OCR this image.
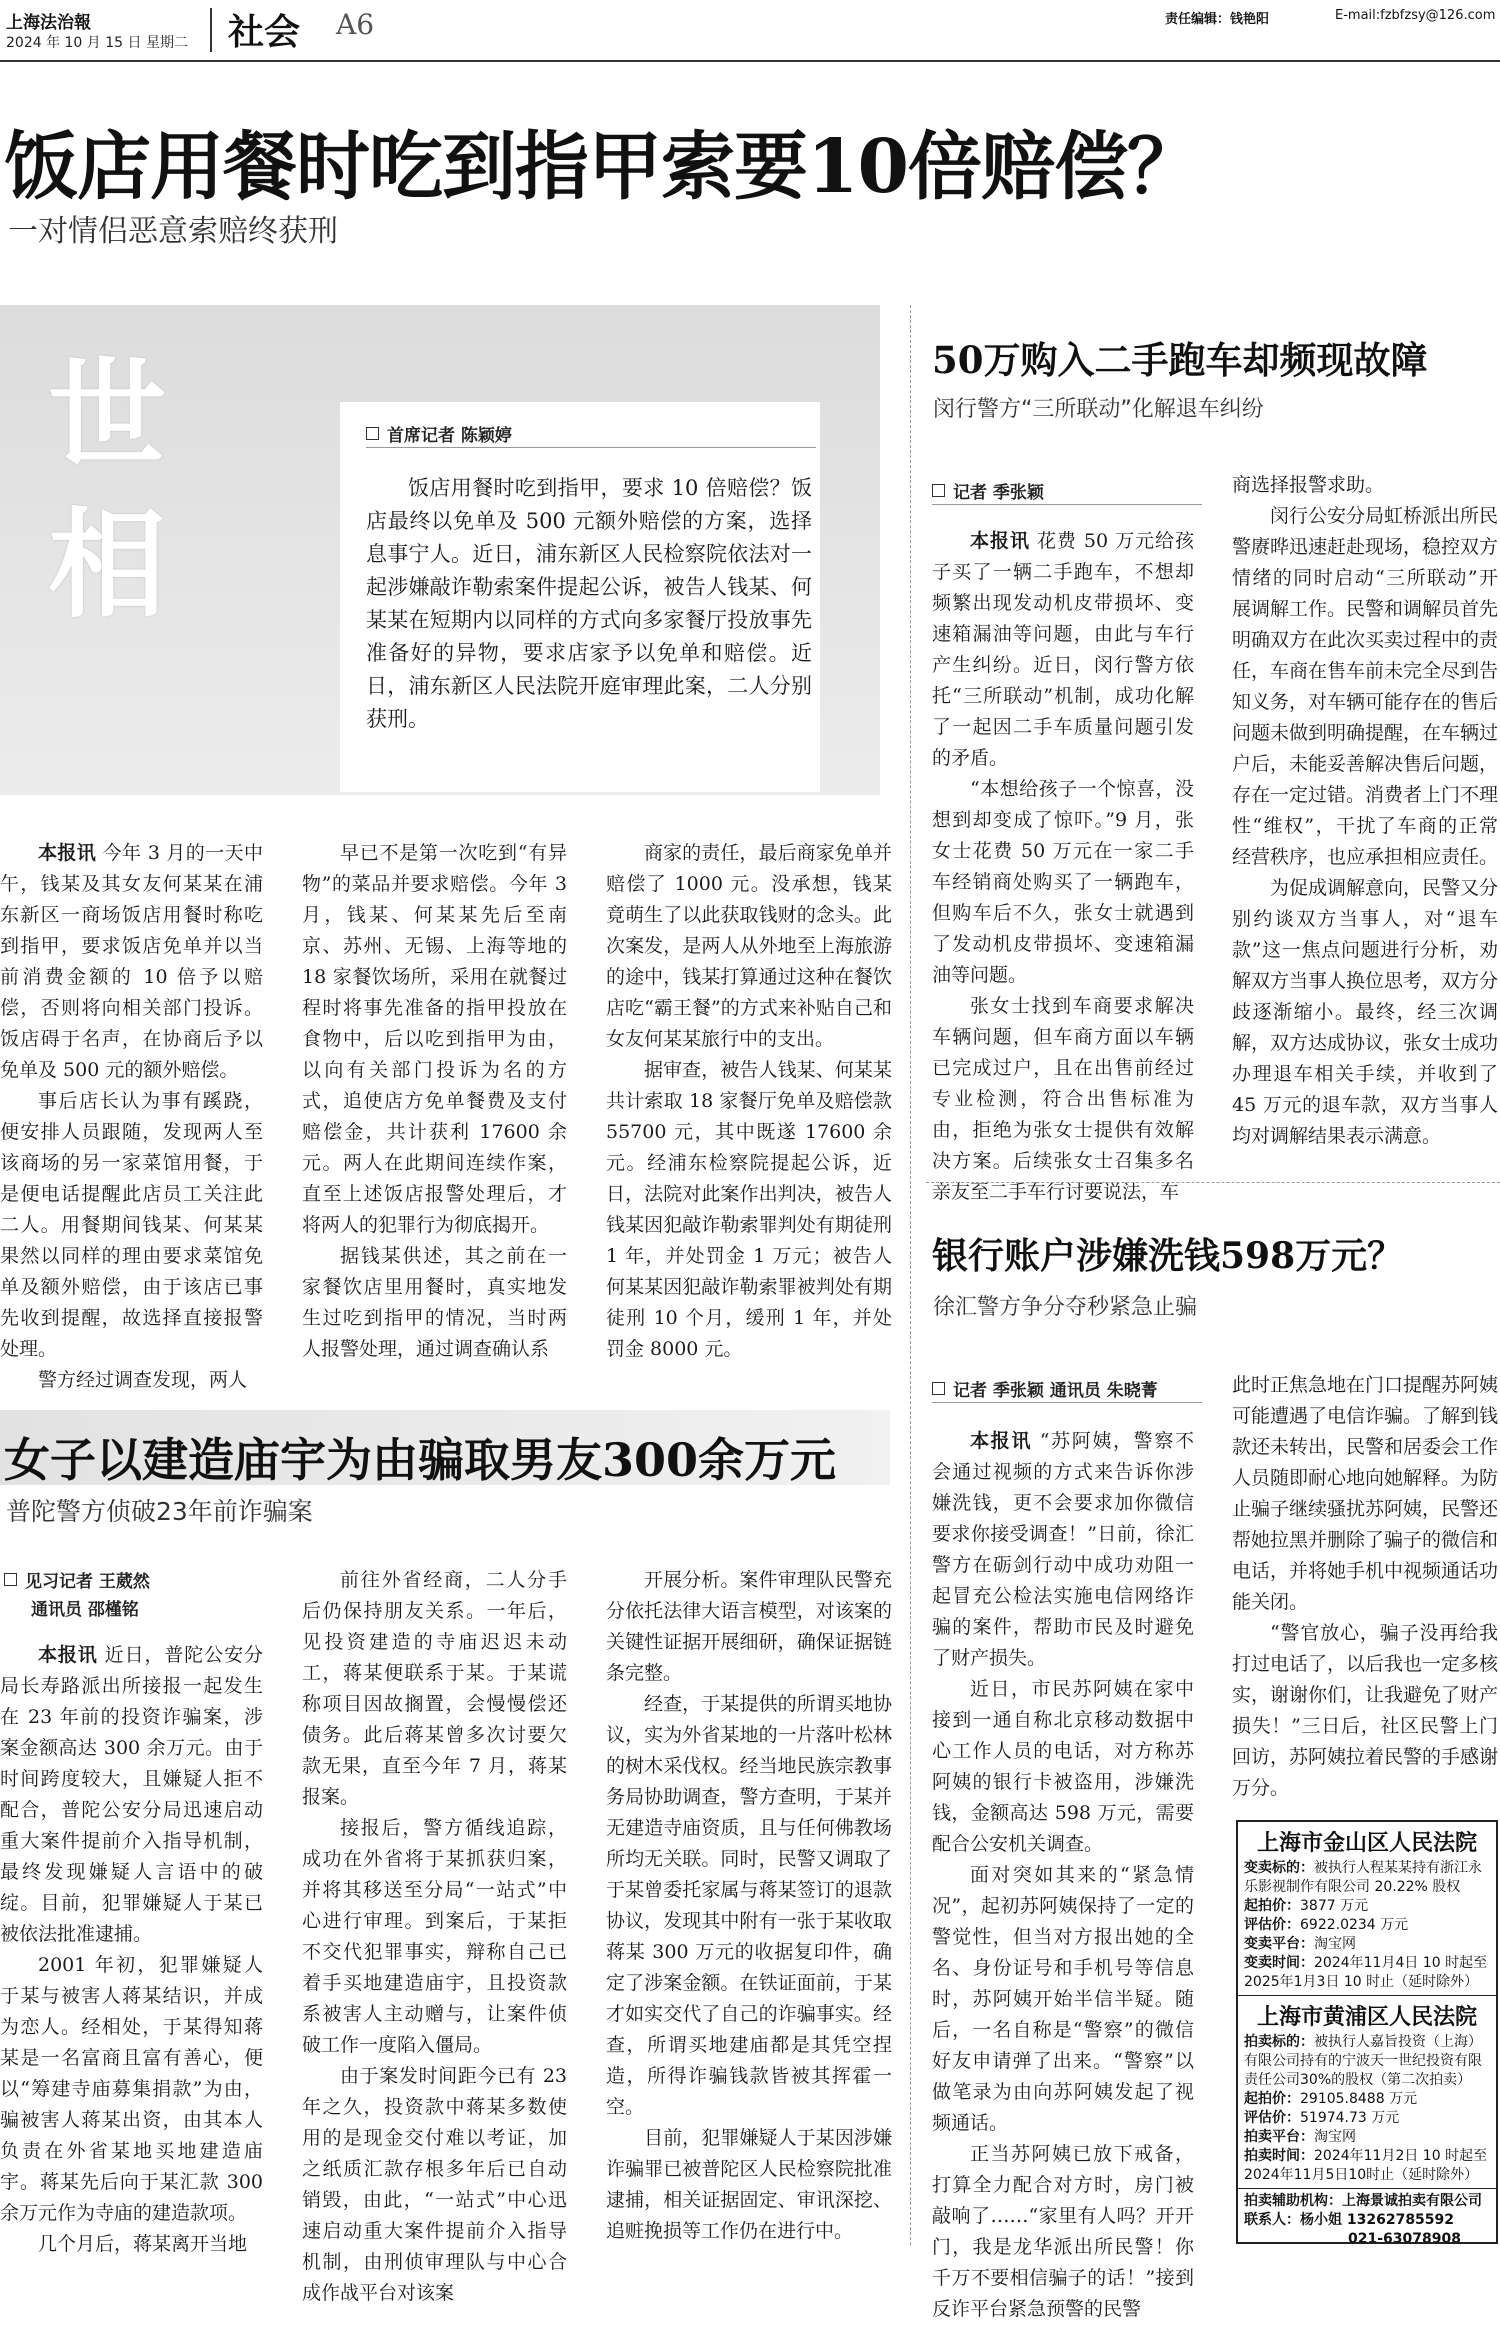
上海法治報
2024 年 10 月 15 日 星期二 社会 A6	责任编辑：钱艳阳	E-mail:fzbfzsy@126.com
饭店用餐时吃到指甲索要10倍赔偿？
一对情侣恶意索赔终获刑
世
相
首席记者 陈颖婷

饭店用餐时吃到指甲，要求 10 倍赔偿？饭店最终以免单及 500 元额外赔偿的方案，选择息事宁人。近日，浦东新区人民检察院依法对一起涉嫌敲诈勒索案件提起公诉，被告人钱某、何某某在短期内以同样的方式向多家餐厅投放事先准备好的异物，要求店家予以免单和赔偿。近日，浦东新区人民法院开庭审理此案，二人分别获刑。

本报讯 今年 3 月的一天中午，钱某及其女友何某某在浦东新区一商场饭店用餐时称吃到指甲，要求饭店免单并以当前消费金额的 10 倍予以赔偿，否则将向相关部门投诉。饭店碍于名声，在协商后予以免单及 500 元的额外赔偿。

事后店长认为事有蹊跷，便安排人员跟随，发现两人至该商场的另一家菜馆用餐，于是便电话提醒此店员工关注此二人。用餐期间钱某、何某某果然以同样的理由要求菜馆免单及额外赔偿，由于该店已事先收到提醒，故选择直接报警处理。

警方经过调查发现，两人

早已不是第一次吃到“有异物”的菜品并要求赔偿。今年 3 月，钱某、何某某先后至南京、苏州、无锡、上海等地的 18 家餐饮场所，采用在就餐过程时将事先准备的指甲投放在食物中，后以吃到指甲为由，以向有关部门投诉为名的方式，追使店方免单餐费及支付赔偿金，共计获利 17600 余元。两人在此期间连续作案，直至上述饭店报警处理后，才将两人的犯罪行为彻底揭开。

据钱某供述，其之前在一家餐饮店里用餐时，真实地发生过吃到指甲的情况，当时两人报警处理，通过调查确认系

商家的责任，最后商家免单并赔偿了 1000 元。没承想，钱某竟萌生了以此获取钱财的念头。此次案发，是两人从外地至上海旅游的途中，钱某打算通过这种在餐饮店吃“霸王餐”的方式来补贴自己和女友何某某旅行中的支出。

据审查，被告人钱某、何某某共计索取 18 家餐厅免单及赔偿款 55700 元，其中既遂 17600 余元。经浦东检察院提起公诉，近日，法院对此案作出判决，被告人钱某因犯敲诈勒索罪判处有期徒刑 1 年，并处罚金 1 万元；被告人何某某因犯敲诈勒索罪被判处有期徒刑 10 个月，缓刑 1 年，并处罚金 8000 元。

女子以建造庙宇为由骗取男友300余万元
普陀警方侦破23年前诈骗案
见习记者 王葳然
通讯员 邵槿铭

本报讯 近日，普陀公安分局长寿路派出所接报一起发生在 23 年前的投资诈骗案，涉案金额高达 300 余万元。由于时间跨度较大，且嫌疑人拒不配合，普陀公安分局迅速启动重大案件提前介入指导机制，最终发现嫌疑人言语中的破绽。目前，犯罪嫌疑人于某已被依法批准逮捕。

2001 年初，犯罪嫌疑人于某与被害人蒋某结识，并成为恋人。经相处，于某得知蒋某是一名富商且富有善心，便以“筹建寺庙募集捐款”为由，骗被害人蒋某出资，由其本人负责在外省某地买地建造庙宇。蒋某先后向于某汇款 300 余万元作为寺庙的建造款项。

几个月后，蒋某离开当地

前往外省经商，二人分手后仍保持朋友关系。一年后，见投资建造的寺庙迟迟未动工，蒋某便联系于某。于某谎称项目因故搁置，会慢慢偿还债务。此后蒋某曾多次讨要欠款无果，直至今年 7 月，蒋某报案。

接报后，警方循线追踪，成功在外省将于某抓获归案，并将其移送至分局“一站式”中心进行审理。到案后，于某拒不交代犯罪事实，辩称自己已着手买地建造庙宇，且投资款系被害人主动赠与，让案件侦破工作一度陷入僵局。

由于案发时间距今已有 23 年之久，投资款中蒋某多数使用的是现金交付难以考证，加之纸质汇款存根多年后已自动销毁，由此，“一站式”中心迅速启动重大案件提前介入指导机制，由刑侦审理队与中心合成作战平台对该案

开展分析。案件审理队民警充分依托法律大语言模型，对该案的关键性证据开展细研，确保证据链条完整。

经查，于某提供的所谓买地协议，实为外省某地的一片落叶松林的树木采伐权。经当地民族宗教事务局协助调查，警方查明，于某并无建造寺庙资质，且与任何佛教场所均无关联。同时，民警又调取了于某曾委托家属与蒋某签订的退款协议，发现其中附有一张于某收取蒋某 300 万元的收据复印件，确定了涉案金额。在铁证面前，于某才如实交代了自己的诈骗事实。经查，所谓买地建庙都是其凭空捏造，所得诈骗钱款皆被其挥霍一空。

目前，犯罪嫌疑人于某因涉嫌诈骗罪已被普陀区人民检察院批准逮捕，相关证据固定、审讯深挖、追赃挽损等工作仍在进行中。

50万购入二手跑车却频现故障
闵行警方“三所联动”化解退车纠纷
记者 季张颖

本报讯 花费 50 万元给孩子买了一辆二手跑车，不想却频繁出现发动机皮带损坏、变速箱漏油等问题，由此与车行产生纠纷。近日，闵行警方依托“三所联动”机制，成功化解了一起因二手车质量问题引发的矛盾。

“本想给孩子一个惊喜，没想到却变成了惊吓。”9 月，张女士花费 50 万元在一家二手车经销商处购买了一辆跑车，但购车后不久，张女士就遇到了发动机皮带损坏、变速箱漏油等问题。

张女士找到车商要求解决车辆问题，但车商方面以车辆已完成过户，且在出售前经过专业检测，符合出售标准为由，拒绝为张女士提供有效解决方案。后续张女士召集多名亲友至二手车行讨要说法，车

商选择报警求助。

闵行公安分局虹桥派出所民警赓晔迅速赶赴现场，稳控双方情绪的同时启动“三所联动”开展调解工作。民警和调解员首先明确双方在此次买卖过程中的责任，车商在售车前未完全尽到告知义务，对车辆可能存在的售后问题未做到明确提醒，在车辆过户后，未能妥善解决售后问题，存在一定过错。消费者上门不理性“维权”，干扰了车商的正常经营秩序，也应承担相应责任。

为促成调解意向，民警又分别约谈双方当事人，对“退车款”这一焦点问题进行分析，劝解双方当事人换位思考，双方分歧逐渐缩小。最终，经三次调解，双方达成协议，张女士成功办理退车相关手续，并收到了 45 万元的退车款，双方当事人均对调解结果表示满意。

银行账户涉嫌洗钱598万元？
徐汇警方争分夺秒紧急止骗
记者 季张颖 通讯员 朱晓菁

本报讯 “苏阿姨，警察不会通过视频的方式来告诉你涉嫌洗钱，更不会要求加你微信要求你接受调查！”日前，徐汇警方在砺剑行动中成功劝阻一起冒充公检法实施电信网络诈骗的案件，帮助市民及时避免了财产损失。

近日，市民苏阿姨在家中接到一通自称北京移动数据中心工作人员的电话，对方称苏阿姨的银行卡被盗用，涉嫌洗钱，金额高达 598 万元，需要配合公安机关调查。

面对突如其来的“紧急情况”，起初苏阿姨保持了一定的警觉性，但当对方报出她的全名、身份证号和手机号等信息时，苏阿姨开始半信半疑。随后，一名自称是“警察”的微信好友申请弹了出来。“警察”以做笔录为由向苏阿姨发起了视频通话。

正当苏阿姨已放下戒备，打算全力配合对方时，房门被敲响了……“家里有人吗？开开门，我是龙华派出所民警！你千万不要相信骗子的话！”接到反诈平台紧急预警的民警

此时正焦急地在门口提醒苏阿姨可能遭遇了电信诈骗。了解到钱款还未转出，民警和居委会工作人员随即耐心地向她解释。为防止骗子继续骚扰苏阿姨，民警还帮她拉黑并删除了骗子的微信和电话，并将她手机中视频通话功能关闭。

“警官放心，骗子没再给我打过电话了，以后我也一定多核实，谢谢你们，让我避免了财产损失！”三日后，社区民警上门回访，苏阿姨拉着民警的手感谢万分。

上海市金山区人民法院
变卖标的：被执行人程某某持有浙江永乐影视制作有限公司 20.22% 股权
起拍价：3877 万元
评估价：6922.0234 万元
变卖平台：淘宝网
变卖时间：2024年11月4日 10 时起至 2025年1月3日 10 时止（延时除外）
上海市黄浦区人民法院
拍卖标的：被执行人嘉旨投资（上海）有限公司持有的宁波天一世纪投资有限责任公司30%的股权（第二次拍卖）
起拍价：29105.8488 万元
评估价：51974.73 万元
拍卖平台：淘宝网
拍卖时间：2024年11月2日 10 时起至 2024年11月5日10时止（延时除外）
拍卖辅助机构：上海景诚拍卖有限公司
联系人：杨小姐 13262785592
021-63078908
